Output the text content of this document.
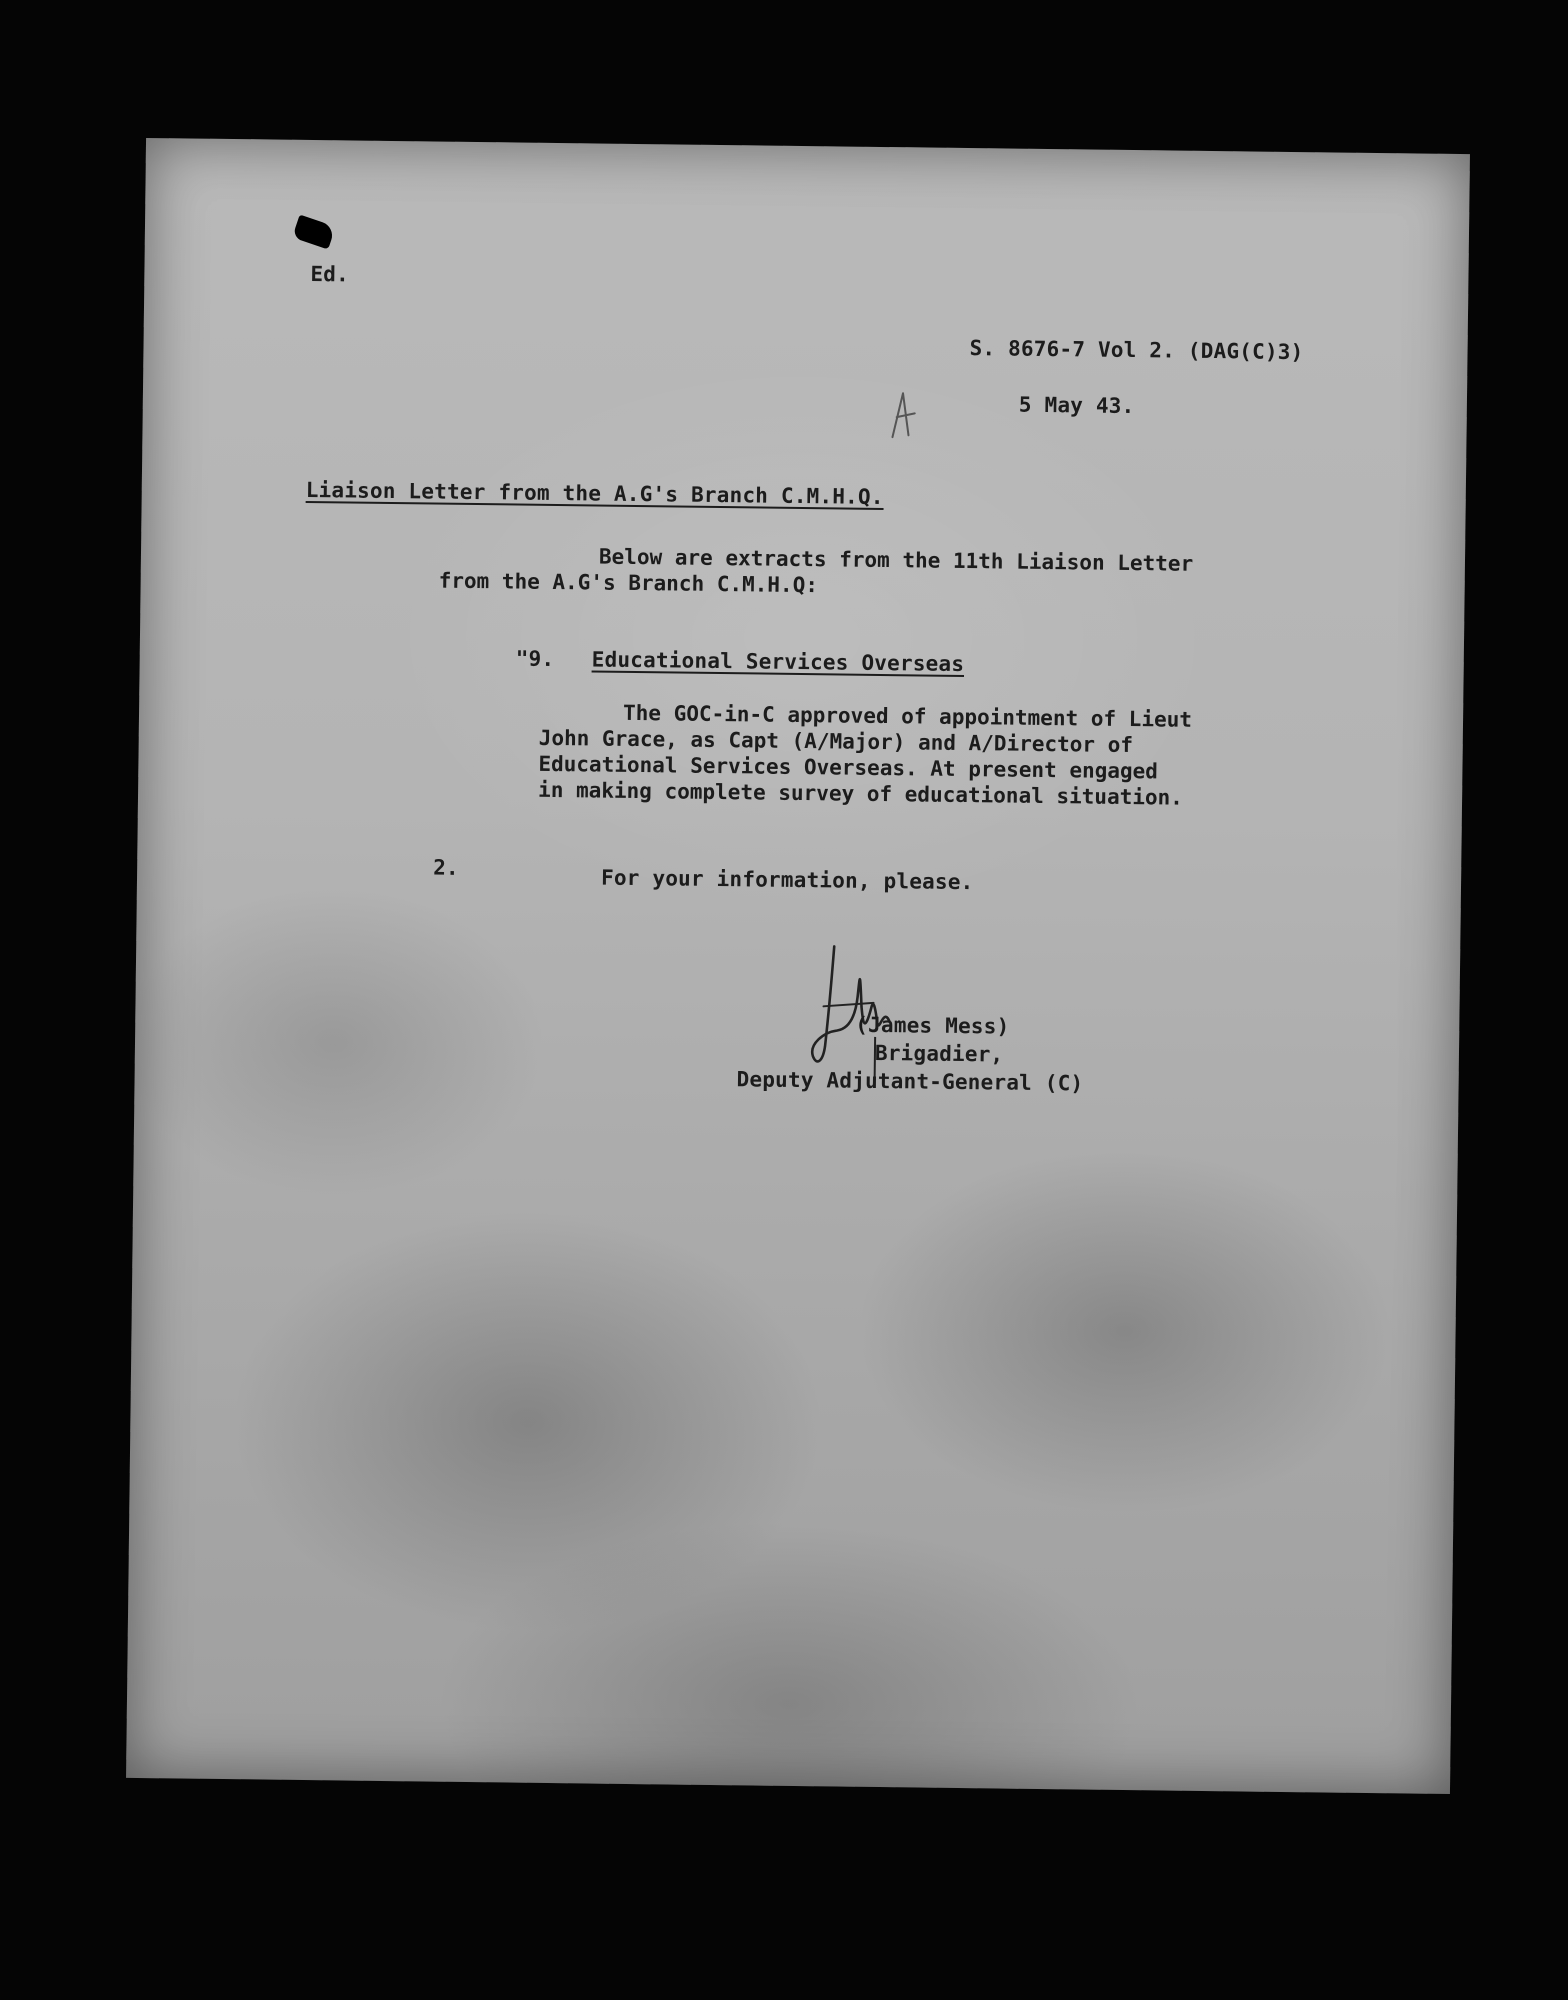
Ed.
S. 8676-7 Vol 2. (DAG(C)3)
5 May 43.
Liaison Letter from the A.G's Branch C.M.H.Q.
Below are extracts from the 11th Liaison Letter
from the A.G's Branch C.M.H.Q:
"9. Educational Services Overseas
The GOC-in-C approved of appointment of Lieut
John Grace, as Capt (A/Major) and A/Director of
Educational Services Overseas. At present engaged
in making complete survey of educational situation.
2.	For your information, please.
(James Mess)
Brigadier,
Deputy Adjutant-General (C)
